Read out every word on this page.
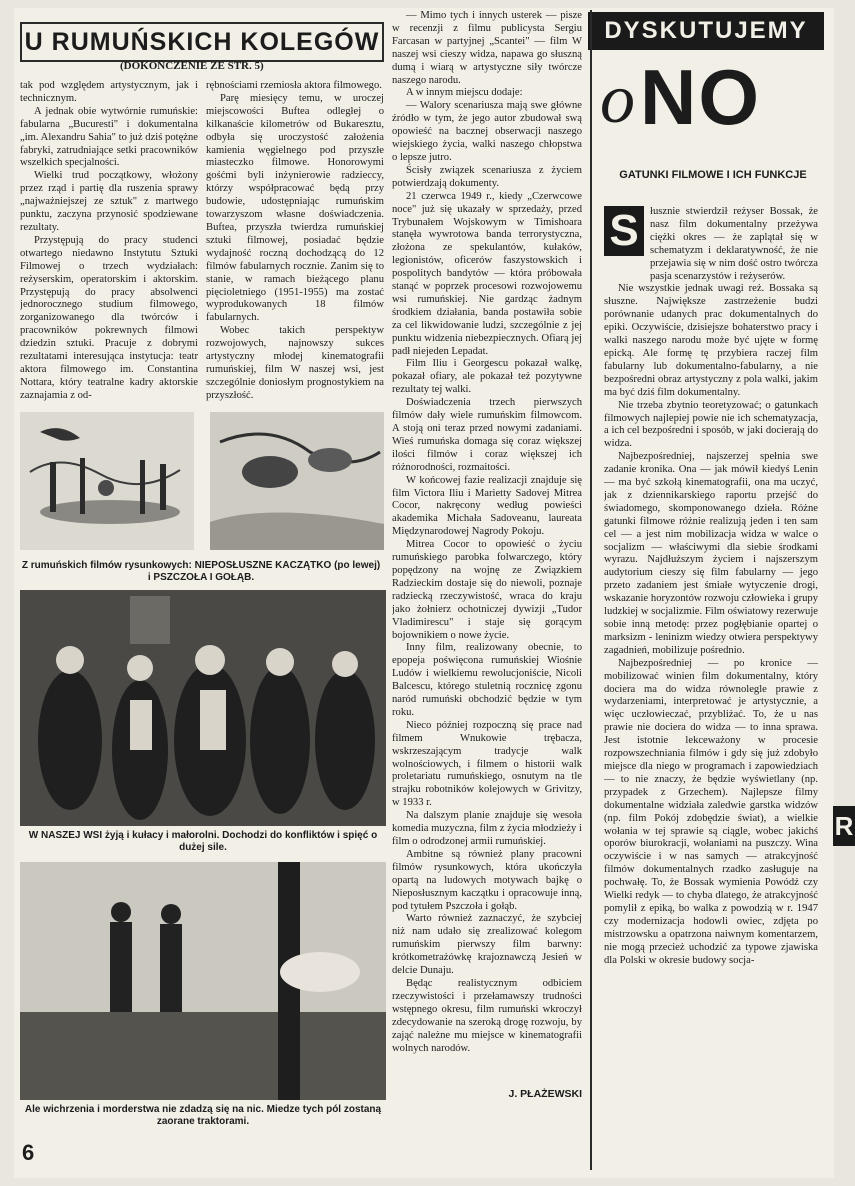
U RUMUŃSKICH KOLEGÓW
(DOKOŃCZENIE ZE STR. 5)

tak pod względem artystycznym, jak i technicznym.

A jednak obie wytwórnie rumuńskie: fabularna „Bucuresti" i dokumentalna „im. Alexandru Sahia" to już dziś potężne fabryki, zatrudniające setki pracowników wszelkich specjalności.

Wielki trud początkowy, włożony przez rząd i partię dla ruszenia sprawy „najważniejszej ze sztuk" z martwego punktu, zaczyna przynosić spodziewane rezultaty.

Przystępują do pracy studenci otwartego niedawno Instytutu Sztuki Filmowej o trzech wydziałach: reżyserskim, operatorskim i aktorskim. Przystępują do pracy absolwenci jednorocznego studium filmowego, zorganizowanego dla twórców i pracowników pokrewnych filmowi dziedzin sztuki. Pracuje z dobrymi rezultatami interesująca instytucja: teatr aktora filmowego im. Constantina Nottara, który teatralne kadry aktorskie zaznajamia z od-

rębnościami rzemiosła aktora filmowego.

Parę miesięcy temu, w uroczej miejscowości Buftea odległej o kilkanaście kilometrów od Bukaresztu, odbyła się uroczystość założenia kamienia węgielnego pod przyszłe miasteczko filmowe. Honorowymi gośćmi byli inżynierowie radzieccy, którzy współpracować będą przy budowie, udostępniając rumuńskim towarzyszom własne doświadczenia. Buftea, przyszła twierdza rumuńskiej sztuki filmowej, posiadać będzie wydajność roczną dochodzącą do 12 filmów fabularnych rocznie. Zanim się to stanie, w ramach bieżącego planu pięcioletniego (1951-1955) ma zostać wyprodukowanych 18 filmów fabularnych.

Wobec takich perspektyw rozwojowych, najnowszy sukces artystyczny młodej kinematografii rumuńskiej, film W naszej wsi, jest szczególnie doniosłym prognostykiem na przyszłość.

— Mimo tych i innych usterek — pisze w recenzji z filmu publicysta Sergiu Farcasan w partyjnej „Scantei" — film W naszej wsi cieszy widza, napawa go słuszną dumą i wiarą w artystyczne siły twórcze naszego narodu.

A w innym miejscu dodaje:

— Walory scenariusza mają swe główne źródło w tym, że jego autor zbudował swą opowieść na bacznej obserwacji naszego wiejskiego życia, walki naszego chłopstwa o lepsze jutro.

Ścisły związek scenariusza z życiem potwierdzają dokumenty.

21 czerwca 1949 r., kiedy „Czerwcowe noce" już się ukazały w sprzedaży, przed Trybunałem Wojskowym w Timishoara stanęła wywrotowa banda terrorystyczna, złożona ze spekulantów, kułaków, legionistów, oficerów faszystowskich i pospolitych bandytów — która próbowała stanąć w poprzek procesowi rozwojowemu wsi rumuńskiej. Nie gardząc żadnym środkiem działania, banda postawiła sobie za cel likwidowanie ludzi, szczególnie z jej punktu widzenia niebezpiecznych. Ofiarą jej padł niejeden Lepadat.

Film Iliu i Georgescu pokazał walkę, pokazał ofiary, ale pokazał też pozytywne rezultaty tej walki.

Doświadczenia trzech pierwszych filmów dały wiele rumuńskim filmowcom. A stoją oni teraz przed nowymi zadaniami. Wieś rumuńska domaga się coraz większej ilości filmów i coraz większej ich różnorodności, rozmaitości.

W końcowej fazie realizacji znajduje się film Victora Iliu i Marietty Sadovej Mitrea Cocor, nakręcony według powieści akademika Michała Sadoveanu, laureata Międzynarodowej Nagrody Pokoju.

Mitrea Cocor to opowieść o życiu rumuńskiego parobka folwarczego, który popędzony na wojnę ze Związkiem Radzieckim dostaje się do niewoli, poznaje radziecką rzeczywistość, wraca do kraju jako żołnierz ochotniczej dywizji „Tudor Vladimirescu" i staje się gorącym bojownikiem o nowe życie.

Inny film, realizowany obecnie, to epopeja poświęcona rumuńskiej Wiośnie Ludów i wielkiemu rewolucjoniście, Nicoli Balcescu, którego stuletnią rocznicę zgonu naród rumuński obchodzić będzie w tym roku.

Nieco później rozpoczną się prace nad filmem Wnukowie trębacza, wskrzeszającym tradycje walk wolnościowych, i filmem o historii walk proletariatu rumuńskiego, osnutym na tle strajku robotników kolejowych w Grivitzy, w 1933 r.

Na dalszym planie znajduje się wesoła komedia muzyczna, film z życia młodzieży i film o odrodzonej armii rumuńskiej.

Ambitne są również plany pracowni filmów rysunkowych, która ukończyła opartą na ludowych motywach bajkę o Nieposłusznym kaczątku i opracowuje inną, pod tytułem Pszczoła i gołąb.

Warto również zaznaczyć, że szybciej niż nam udało się zrealizować kolegom rumuńskim pierwszy film barwny: krótkometrażówkę krajoznawczą Jesień w delcie Dunaju.

Będąc realistycznym odbiciem rzeczywistości i przełamawszy trudności wstępnego okresu, film rumuński wkroczył zdecydowanie na szeroką drogę rozwoju, by zająć należne mu miejsce w kinematografii wolnych narodów.

J. PŁAŻEWSKI
Z rumuńskich filmów rysunkowych: NIEPOSŁUSZNE KACZĄTKO (po lewej) i PSZCZOŁA I GOŁĄB.
W NASZEJ WSI żyją i kułacy i małorolni. Dochodzi do konfliktów i spięć o dużej sile.
Ale wichrzenia i morderstwa nie zdadzą się na nic. Miedze tych pól zostaną zaorane traktorami.
DYSKUTUJEMY
o NO
GATUNKI FILMOWE I ICH FUNKCJE
S	łusznie stwierdził reżyser Bossak, że nasz film dokumentalny przeżywa ciężki okres — że zaplątał się w schematyzm i deklaratywność, że nie przejawia się w nim dość ostro twórcza pasja scenarzystów i reżyserów.

Nie wszystkie jednak uwagi reż. Bossaka są słuszne. Największe zastrzeżenie budzi porównanie udanych prac dokumentalnych do epiki. Oczywiście, dzisiejsze bohaterstwo pracy i walki naszego narodu może być ujęte w formę epicką. Ale formę tę przybiera raczej film fabularny lub dokumentalno-fabularny, a nie bezpośredni obraz artystyczny z pola walki, jakim ma być dziś film dokumentalny.

Nie trzeba zbytnio teoretyzować; o gatunkach filmowych najlepiej powie nie ich schematyzacja, a ich cel bezpośredni i sposób, w jaki docierają do widza.

Najbezpośredniej, najszerzej spełnia swe zadanie kronika. Ona — jak mówił kiedyś Lenin — ma być szkołą kinematografii, ona ma uczyć, jak z dziennikarskiego raportu przejść do świadomego, skomponowanego dzieła. Różne gatunki filmowe różnie realizują jeden i ten sam cel — a jest nim mobilizacja widza w walce o socjalizm — właściwymi dla siebie środkami wyrazu. Najdłuższym życiem i najszerszym audytorium cieszy się film fabularny — jego przeto zadaniem jest śmiałe wytyczenie drogi, wskazanie horyzontów rozwoju człowieka i grupy ludzkiej w socjalizmie. Film oświatowy rezerwuje sobie inną metodę: przez pogłębianie opartej o marksizm - leninizm wiedzy otwiera perspektywy zagadnień, mobilizuje pośrednio.

Najbezpośredniej — po kronice — mobilizować winien film dokumentalny, który dociera ma do widza równolegle prawie z wydarzeniami, interpretować je artystycznie, a więc uczłowieczać, przybliżać. To, że u nas prawie nie dociera do widza — to inna sprawa. Jest istotnie lekceważony w procesie rozpowszechniania filmów i gdy się już zdobyło miejsce dla niego w programach i zapowiedziach — to nie znaczy, że będzie wyświetlany (np. przypadek z Grzechem). Najlepsze filmy dokumentalne widziała zaledwie garstka widzów (np. film Pokój zdobędzie świat), a wielkie wołania w tej sprawie są ciągle, wobec jakichś oporów biurokracji, wołaniami na puszczy. Wina oczywiście i w nas samych — atrakcyjność filmów dokumentalnych rzadko zasługuje na pochwałę. To, że Bossak wymienia Powódź czy Wielki redyk — to chyba dlatego, że atrakcyjność pomylił z epiką, bo walka z powodzią w r. 1947 czy modernizacja hodowli owiec, zdjęta po mistrzowsku a opatrzona naiwnym komentarzem, nie mogą przecież uchodzić za typowe zjawiska dla Polski w okresie budowy socja-

6
R
